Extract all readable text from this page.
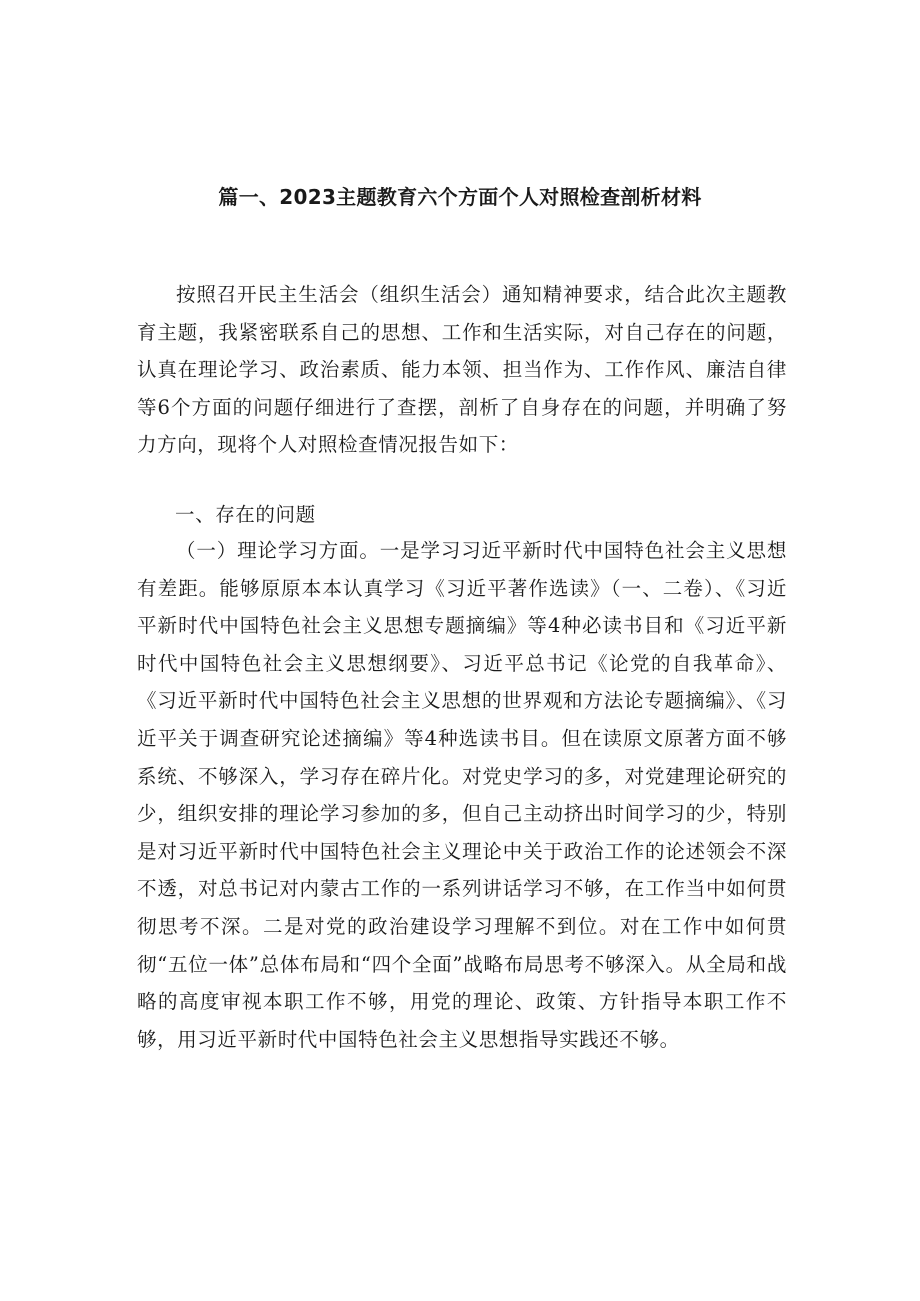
篇一、2023主题教育六个方面个人对照检查剖析材料

按照召开民主生活会（组织生活会）通知精神要求，结合此次主题教育主题，我紧密联系自己的思想、工作和生活实际，对自己存在的问题，认真在理论学习、政治素质、能力本领、担当作为、工作作风、廉洁自律等6个方面的问题仔细进行了查摆，剖析了自身存在的问题，并明确了努力方向，现将个人对照检查情况报告如下：

一、存在的问题

（一）理论学习方面。一是学习习近平新时代中国特色社会主义思想有差距。能够原原本本认真学习《习近平著作选读》（一、二卷）、《习近平新时代中国特色社会主义思想专题摘编》等4种必读书目和《习近平新时代中国特色社会主义思想纲要》、习近平总书记《论党的自我革命》、《习近平新时代中国特色社会主义思想的世界观和方法论专题摘编》、《习近平关于调查研究论述摘编》等4种选读书目。但在读原文原著方面不够系统、不够深入，学习存在碎片化。对党史学习的多，对党建理论研究的少，组织安排的理论学习参加的多，但自己主动挤出时间学习的少，特别是对习近平新时代中国特色社会主义理论中关于政治工作的论述领会不深不透，对总书记对内蒙古工作的一系列讲话学习不够，在工作当中如何贯彻思考不深。二是对党的政治建设学习理解不到位。对在工作中如何贯彻“五位一体”总体布局和“四个全面”战略布局思考不够深入。从全局和战略的高度审视本职工作不够，用党的理论、政策、方针指导本职工作不够，用习近平新时代中国特色社会主义思想指导实践还不够。
